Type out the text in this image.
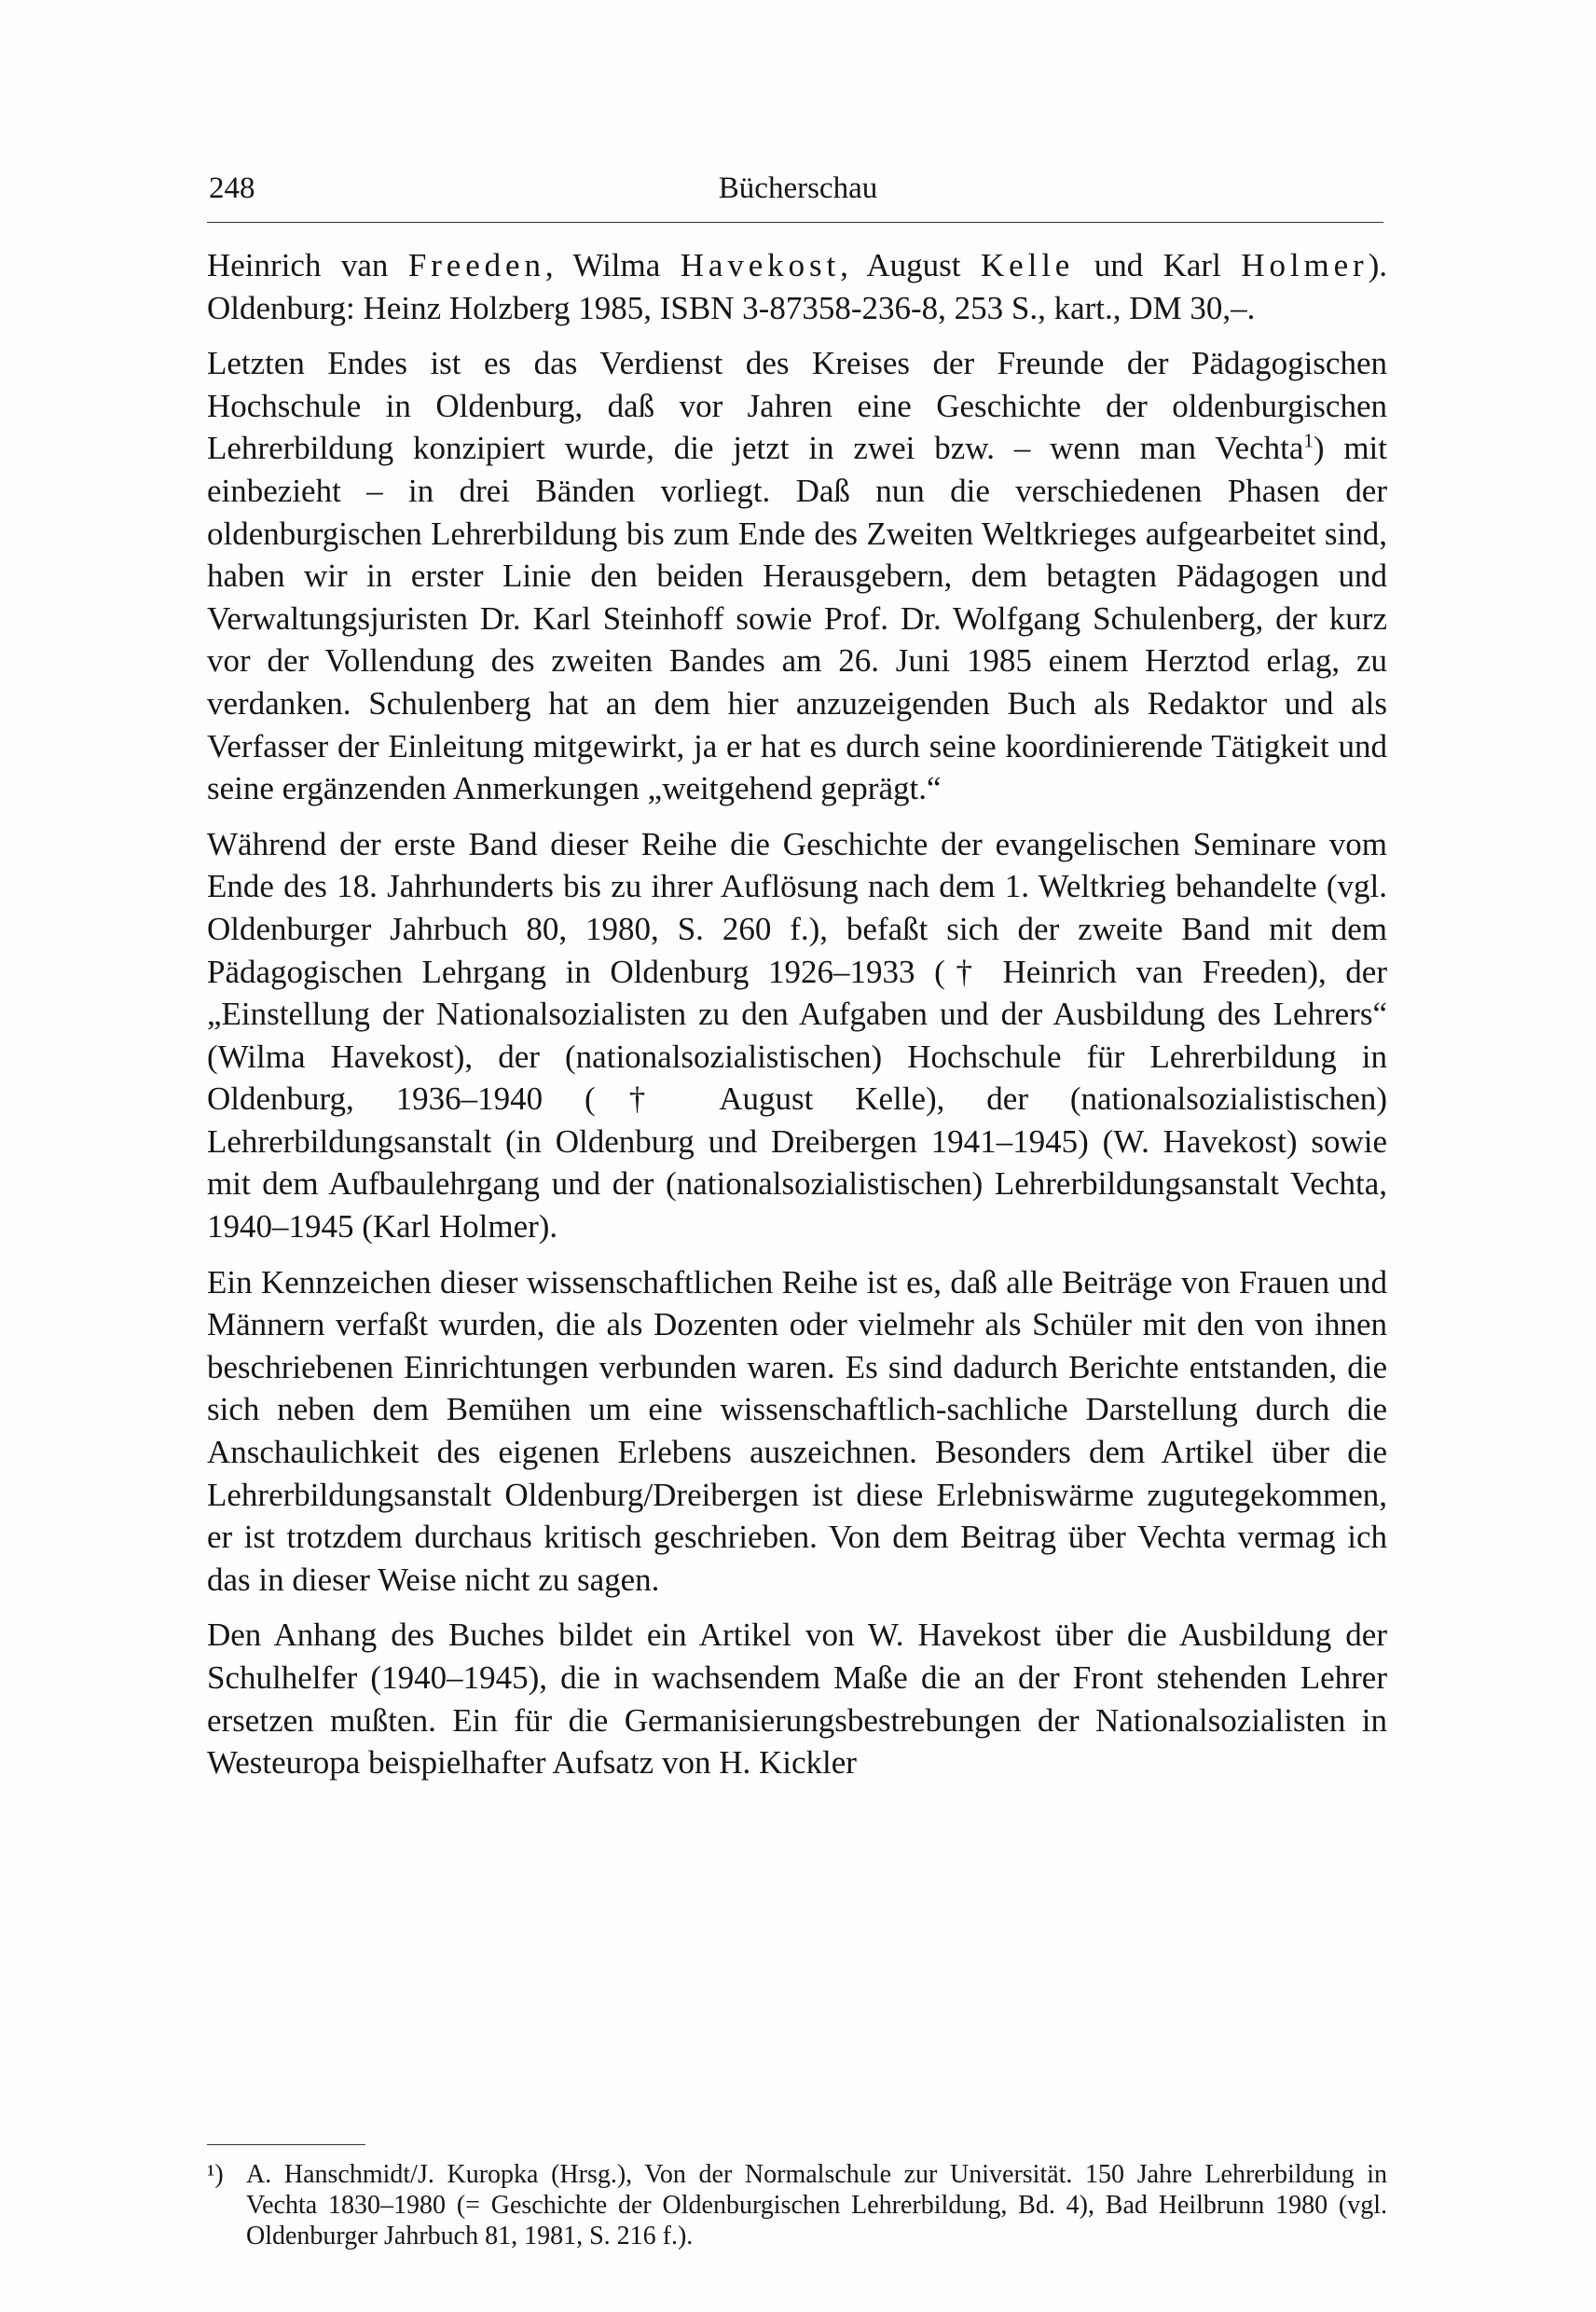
248	Bücherschau

Heinrich van Freeden, Wilma Havekost, August Kelle und Karl Holmer). Oldenburg: Heinz Holzberg 1985, ISBN 3-87358-236-8, 253 S., kart., DM 30,–.

Letzten Endes ist es das Verdienst des Kreises der Freunde der Pädagogischen Hochschule in Oldenburg, daß vor Jahren eine Geschichte der oldenburgischen Lehrerbildung konzipiert wurde, die jetzt in zwei bzw. – wenn man Vechta$^1$) mit einbezieht – in drei Bänden vorliegt. Daß nun die verschiedenen Phasen der oldenburgischen Lehrerbildung bis zum Ende des Zweiten Weltkrieges aufgearbeitet sind, haben wir in erster Linie den beiden Herausgebern, dem betagten Pädagogen und Verwaltungsjuristen Dr. Karl Steinhoff sowie Prof. Dr. Wolfgang Schulenberg, der kurz vor der Vollendung des zweiten Bandes am 26. Juni 1985 einem Herztod erlag, zu verdanken. Schulenberg hat an dem hier anzuzeigenden Buch als Redaktor und als Verfasser der Einleitung mitgewirkt, ja er hat es durch seine koordinierende Tätigkeit und seine ergänzenden Anmerkungen „weitgehend geprägt.“

Während der erste Band dieser Reihe die Geschichte der evangelischen Seminare vom Ende des 18. Jahrhunderts bis zu ihrer Auflösung nach dem 1. Weltkrieg behandelte (vgl. Oldenburger Jahrbuch 80, 1980, S. 260 f.), befaßt sich der zweite Band mit dem Pädagogischen Lehrgang in Oldenburg 1926–1933 († Heinrich van Freeden), der „Einstellung der Nationalsozialisten zu den Aufgaben und der Ausbildung des Lehrers“ (Wilma Havekost), der (nationalsozialistischen) Hochschule für Lehrerbildung in Oldenburg, 1936–1940 († August Kelle), der (nationalsozialistischen) Lehrerbildungsanstalt (in Oldenburg und Dreibergen 1941–1945) (W. Havekost) sowie mit dem Aufbaulehrgang und der (nationalsozialistischen) Lehrerbildungsanstalt Vechta, 1940–1945 (Karl Holmer).

Ein Kennzeichen dieser wissenschaftlichen Reihe ist es, daß alle Beiträge von Frauen und Männern verfaßt wurden, die als Dozenten oder vielmehr als Schüler mit den von ihnen beschriebenen Einrichtungen verbunden waren. Es sind dadurch Berichte entstanden, die sich neben dem Bemühen um eine wissenschaftlich-sachliche Darstellung durch die Anschaulichkeit des eigenen Erlebens auszeichnen. Besonders dem Artikel über die Lehrerbildungsanstalt Oldenburg/Dreibergen ist diese Erlebniswärme zugutegekommen, er ist trotzdem durchaus kritisch geschrieben. Von dem Beitrag über Vechta vermag ich das in dieser Weise nicht zu sagen.

Den Anhang des Buches bildet ein Artikel von W. Havekost über die Ausbildung der Schulhelfer (1940–1945), die in wachsendem Maße die an der Front stehenden Lehrer ersetzen mußten. Ein für die Germanisierungsbestrebungen der Nationalsozialisten in Westeuropa beispielhafter Aufsatz von H. Kickler

¹) A. Hanschmidt/J. Kuropka (Hrsg.), Von der Normalschule zur Universität. 150 Jahre Lehrerbildung in Vechta 1830–1980 (= Geschichte der Oldenburgischen Lehrerbildung, Bd. 4), Bad Heilbrunn 1980 (vgl. Oldenburger Jahrbuch 81, 1981, S. 216 f.).
